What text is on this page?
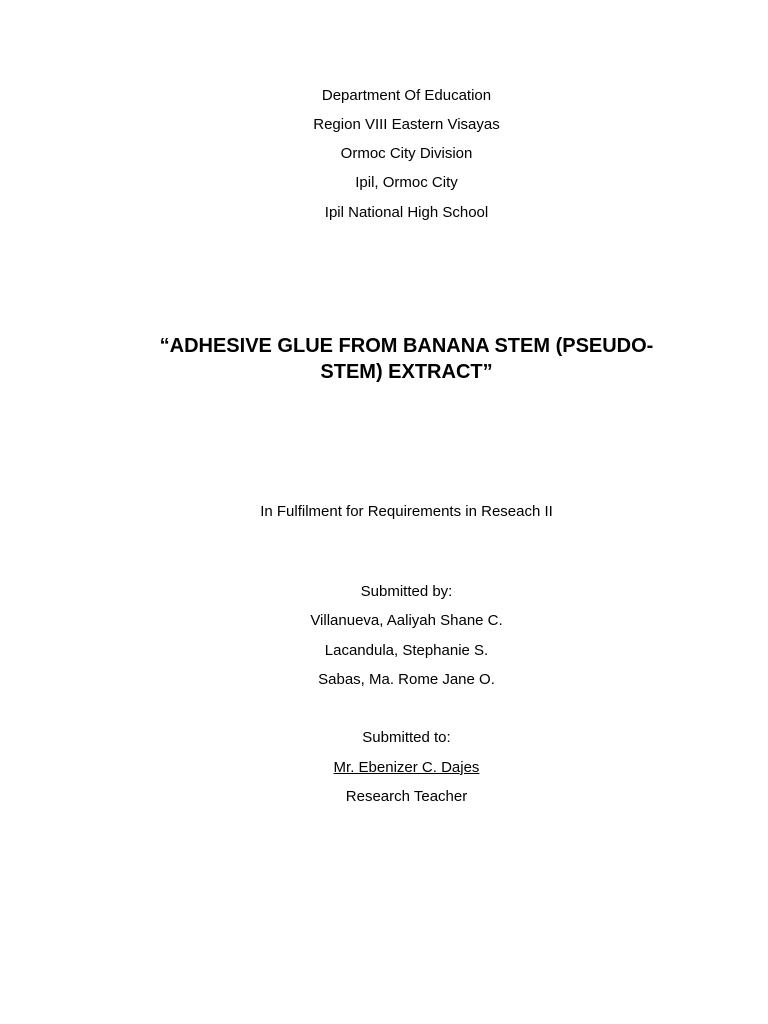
Department Of Education
Region VIII Eastern Visayas
Ormoc City Division
Ipil, Ormoc City
Ipil National High School
“ADHESIVE GLUE FROM BANANA STEM (PSEUDO-
STEM) EXTRACT”
In Fulfilment for Requirements in Reseach II
Submitted by:
Villanueva, Aaliyah Shane C.
Lacandula, Stephanie S.
Sabas, Ma. Rome Jane O.
Submitted to:
Mr. Ebenizer C. Dajes
Research Teacher
